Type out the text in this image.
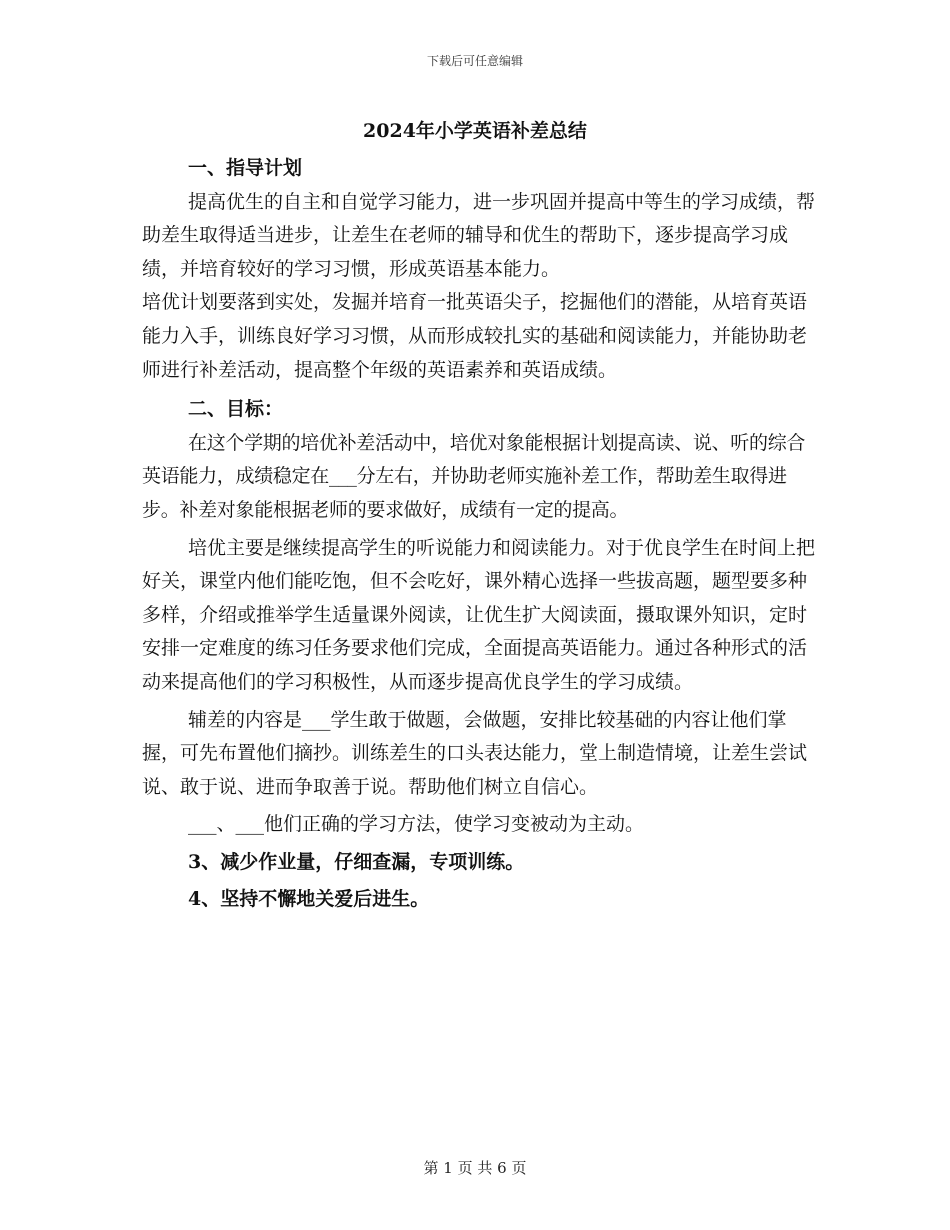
下载后可任意编辑
2024年小学英语补差总结

一、指导计划

提高优生的自主和自觉学习能力，进一步巩固并提高中等生的学习成绩，帮助差生取得适当进步，让差生在老师的辅导和优生的帮助下，逐步提高学习成绩，并培育较好的学习习惯，形成英语基本能力。

培优计划要落到实处，发掘并培育一批英语尖子，挖掘他们的潜能，从培育英语能力入手，训练良好学习习惯，从而形成较扎实的基础和阅读能力，并能协助老师进行补差活动，提高整个年级的英语素养和英语成绩。

二、目标：

在这个学期的培优补差活动中，培优对象能根据计划提高读、说、听的综合英语能力，成绩稳定在___分左右，并协助老师实施补差工作，帮助差生取得进步。补差对象能根据老师的要求做好，成绩有一定的提高。

培优主要是继续提高学生的听说能力和阅读能力。对于优良学生在时间上把好关，课堂内他们能吃饱，但不会吃好，课外精心选择一些拔高题，题型要多种多样，介绍或推举学生适量课外阅读，让优生扩大阅读面，摄取课外知识，定时安排一定难度的练习任务要求他们完成，全面提高英语能力。通过各种形式的活动来提高他们的学习积极性，从而逐步提高优良学生的学习成绩。

辅差的内容是___学生敢于做题，会做题，安排比较基础的内容让他们掌握，可先布置他们摘抄。训练差生的口头表达能力，堂上制造情境，让差生尝试说、敢于说、进而争取善于说。帮助他们树立自信心。

___、___他们正确的学习方法，使学习变被动为主动。

3、减少作业量，仔细查漏，专项训练。

4、坚持不懈地关爱后进生。

第 1 页 共 6 页
